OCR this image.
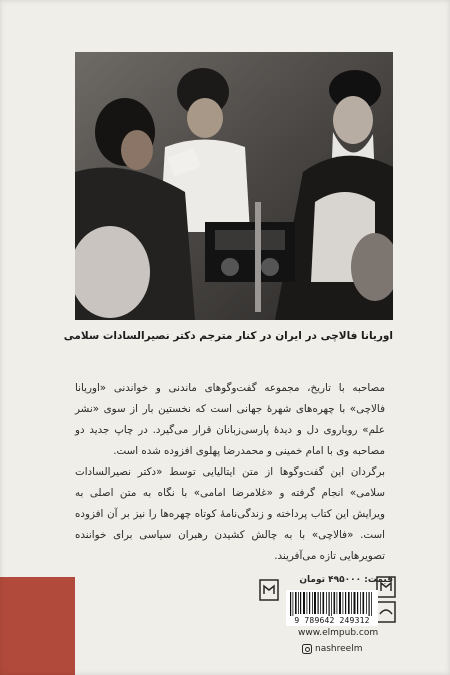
اوریانا فالاچی در ایران در کنار مترجم دکتر نصیرالسادات سلامی

مصاحبه با تاریخ، مجموعه گفت‌وگوهای ماندنی و خواندنی «اوریانا فالاچی» با چهره‌های شهرهٔ جهانی است که نخستین بار از سوی «نشر علم» روباروی دل و دیدهٔ پارسی‌زبانان قرار می‌گیرد. در چاپ جدید دو مصاحبه وی با امام خمینی و محمدرضا پهلوی افزوده شده است.

برگردان این گفت‌وگوها از متن ایتالیایی توسط «دکتر نصیرالسادات سلامی» انجام گرفته و «غلامرضا امامی» با نگاه به متن اصلی به ویرایش این کتاب پرداخته و زندگی‌نامهٔ کوتاه چهره‌ها را نیز بر آن افزوده است. «فالاچی» با به چالش کشیدن رهبران سیاسی برای خواننده تصویرهایی تازه می‌آفریند.

قیمت: ۴۹۵۰۰۰ تومان
9 789642 249312
www.elmpub.com
nashreelm
